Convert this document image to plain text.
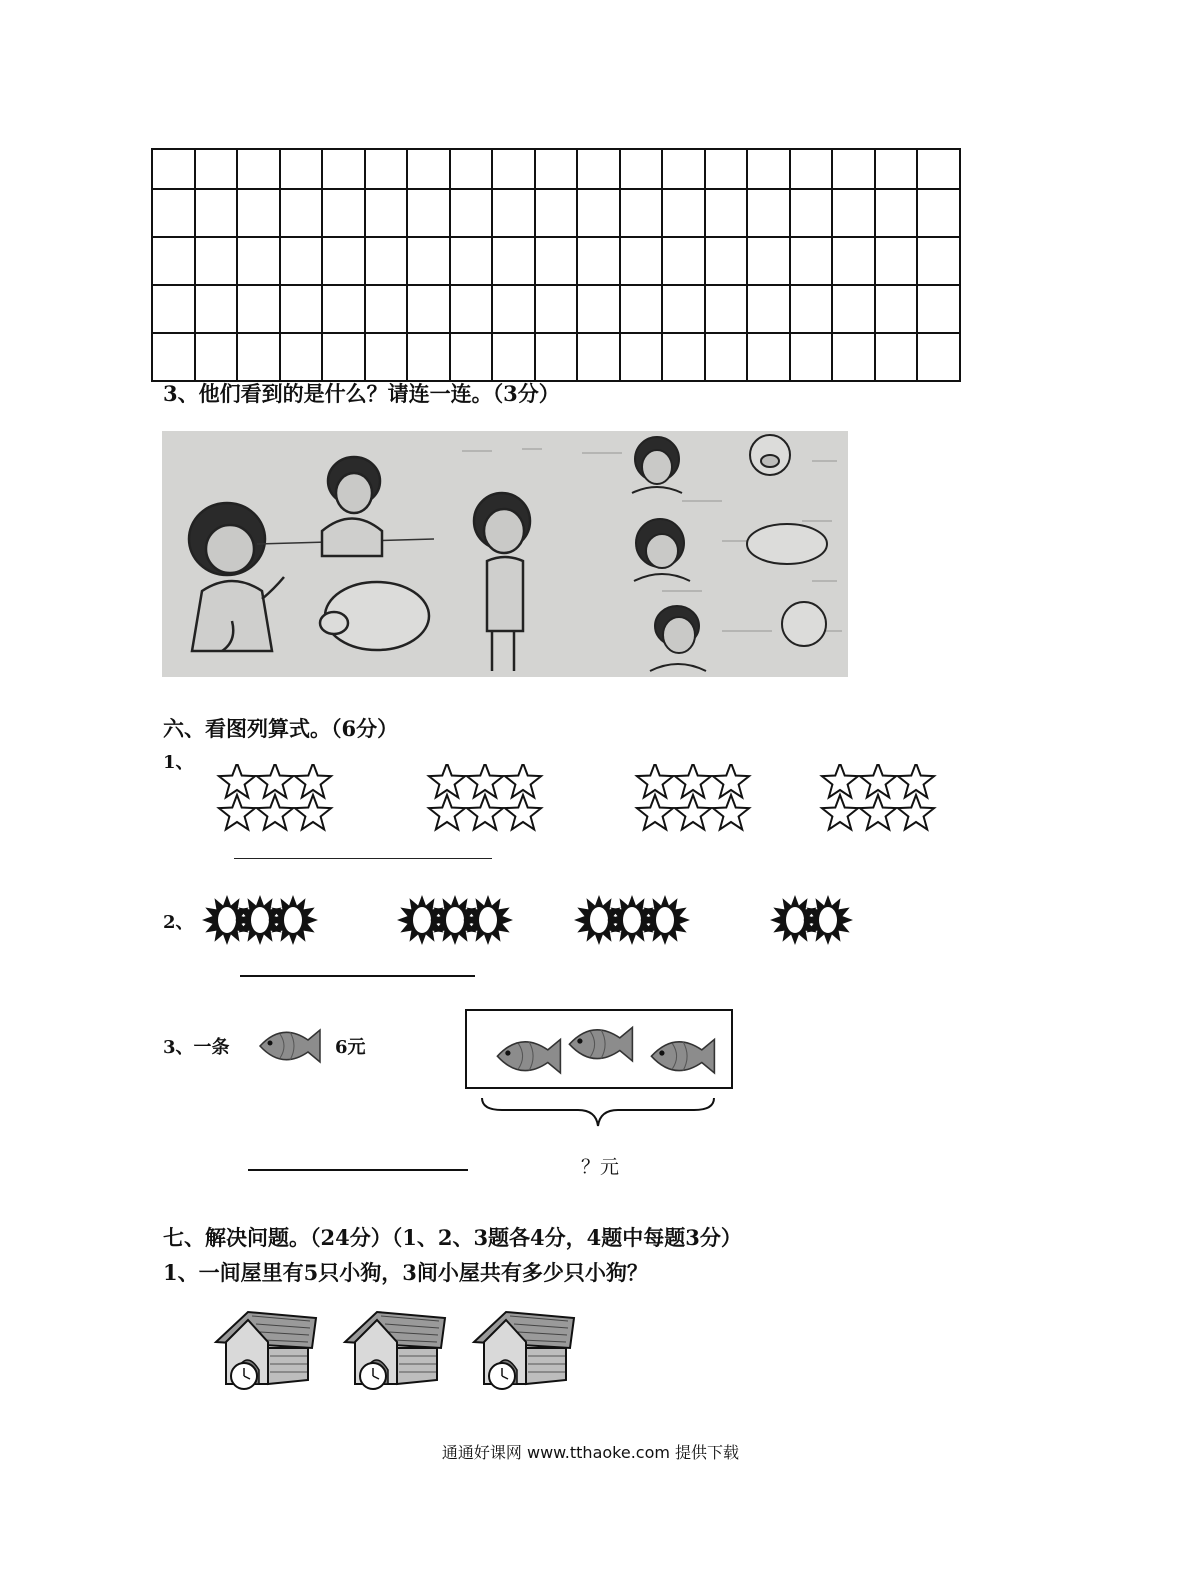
3、他们看到的是什么？请连一连。（3分）
六、看图列算式。（6分）
1、
2、
3、一条	6元
？元
七、解决问题。（24分）（1、2、3题各4分，4题中每题3分）
1、一间屋里有5只小狗，3间小屋共有多少只小狗？
通通好课网 www.tthaoke.com 提供下载
